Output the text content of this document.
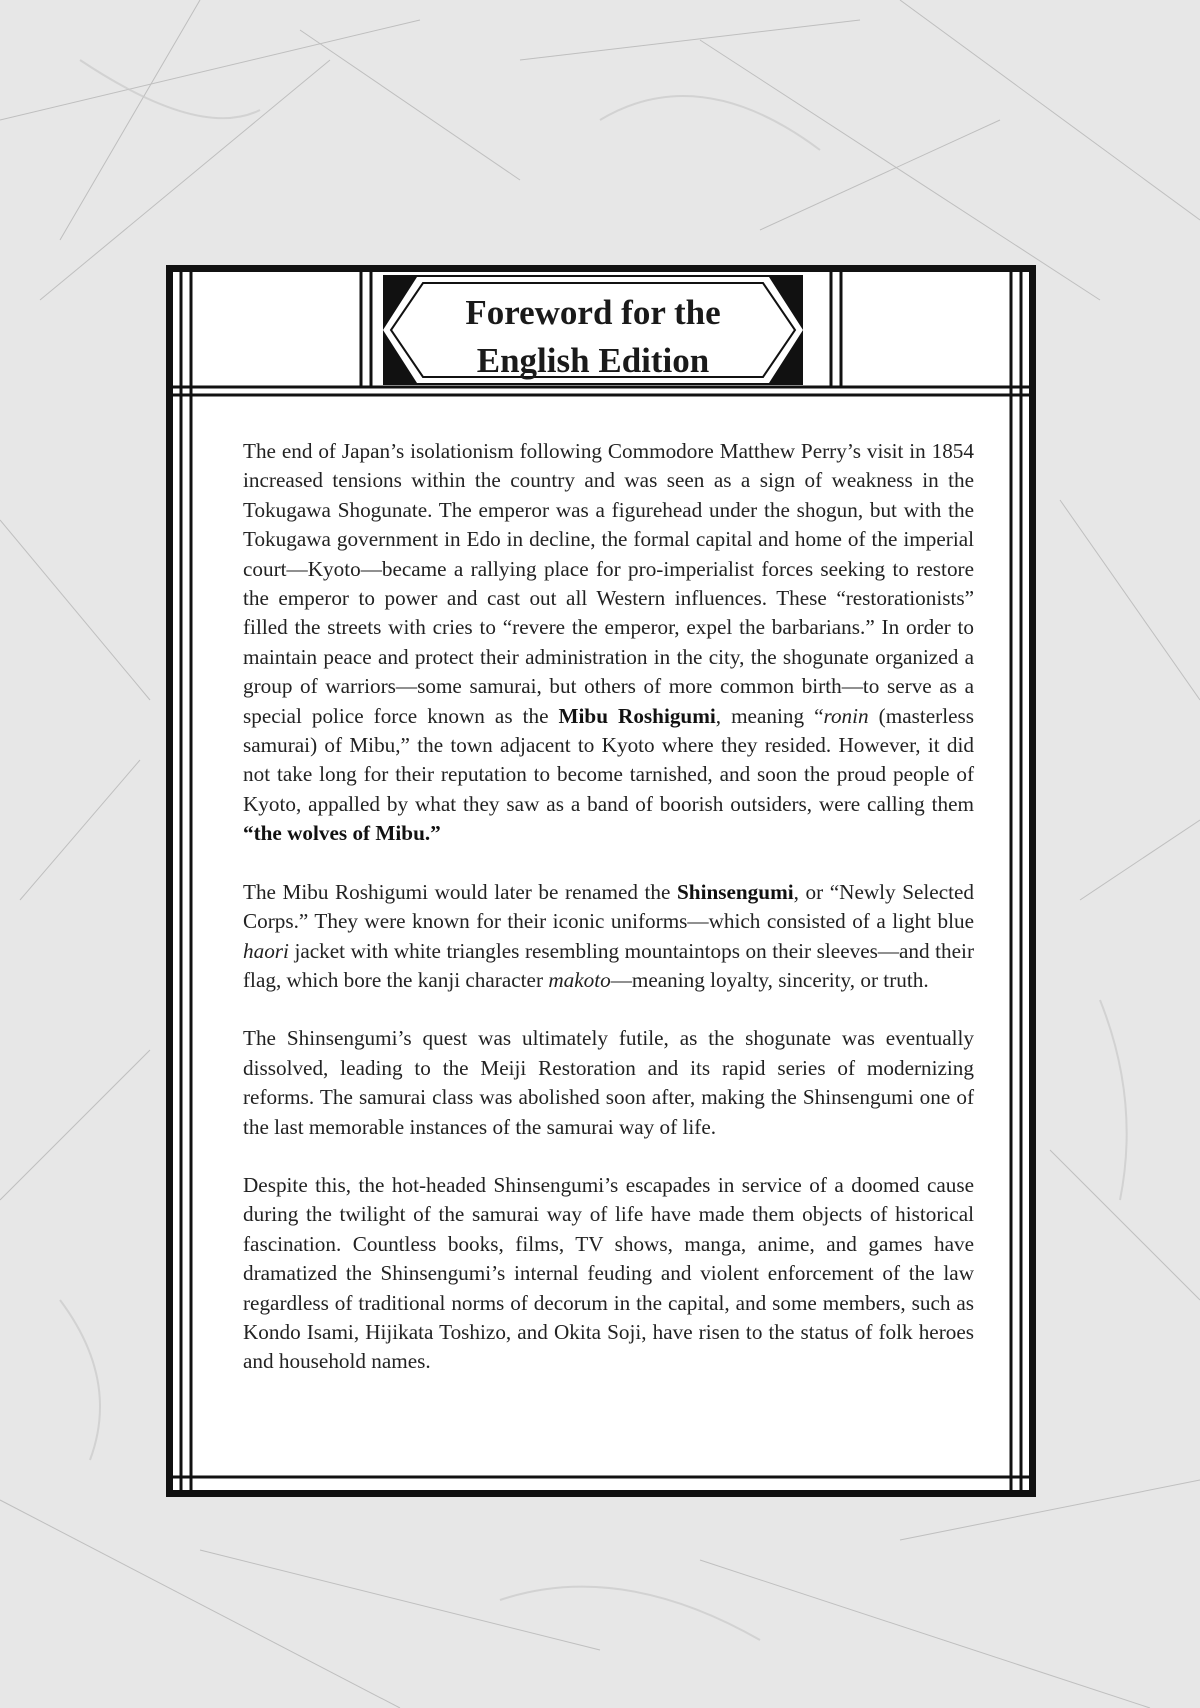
Foreword for the
English Edition

The end of Japan’s isolationism following Commodore Matthew Perry’s visit in 1854 increased tensions within the country and was seen as a sign of weakness in the Tokugawa Shogunate. The emperor was a figurehead under the shogun, but with the Tokugawa government in Edo in decline, the formal capital and home of the imperial court—Kyoto—became a rallying place for pro-imperialist forces seeking to restore the emperor to power and cast out all Western influences. These “restorationists” filled the streets with cries to “revere the emperor, expel the barbarians.” In order to maintain peace and protect their administration in the city, the shogunate organized a group of warriors—some samurai, but others of more common birth—to serve as a special police force known as the Mibu Roshigumi, meaning “ronin (masterless samurai) of Mibu,” the town adjacent to Kyoto where they resided. However, it did not take long for their reputation to become tarnished, and soon the proud people of Kyoto, appalled by what they saw as a band of boorish outsiders, were calling them “the wolves of Mibu.”

The Mibu Roshigumi would later be renamed the Shinsengumi, or “Newly Selected Corps.” They were known for their iconic uniforms—which consisted of a light blue haori jacket with white triangles resembling mountaintops on their sleeves—and their flag, which bore the kanji character makoto—meaning loyalty, sincerity, or truth.

The Shinsengumi’s quest was ultimately futile, as the shogunate was eventually dissolved, leading to the Meiji Restoration and its rapid series of modernizing reforms. The samurai class was abolished soon after, making the Shinsengumi one of the last memorable instances of the samurai way of life.

Despite this, the hot-headed Shinsengumi’s escapades in service of a doomed cause during the twilight of the samurai way of life have made them objects of historical fascination. Countless books, films, TV shows, manga, anime, and games have dramatized the Shinsengumi’s internal feuding and violent enforcement of the law regardless of traditional norms of decorum in the capital, and some members, such as Kondo Isami, Hijikata Toshizo, and Okita Soji, have risen to the status of folk heroes and household names.
